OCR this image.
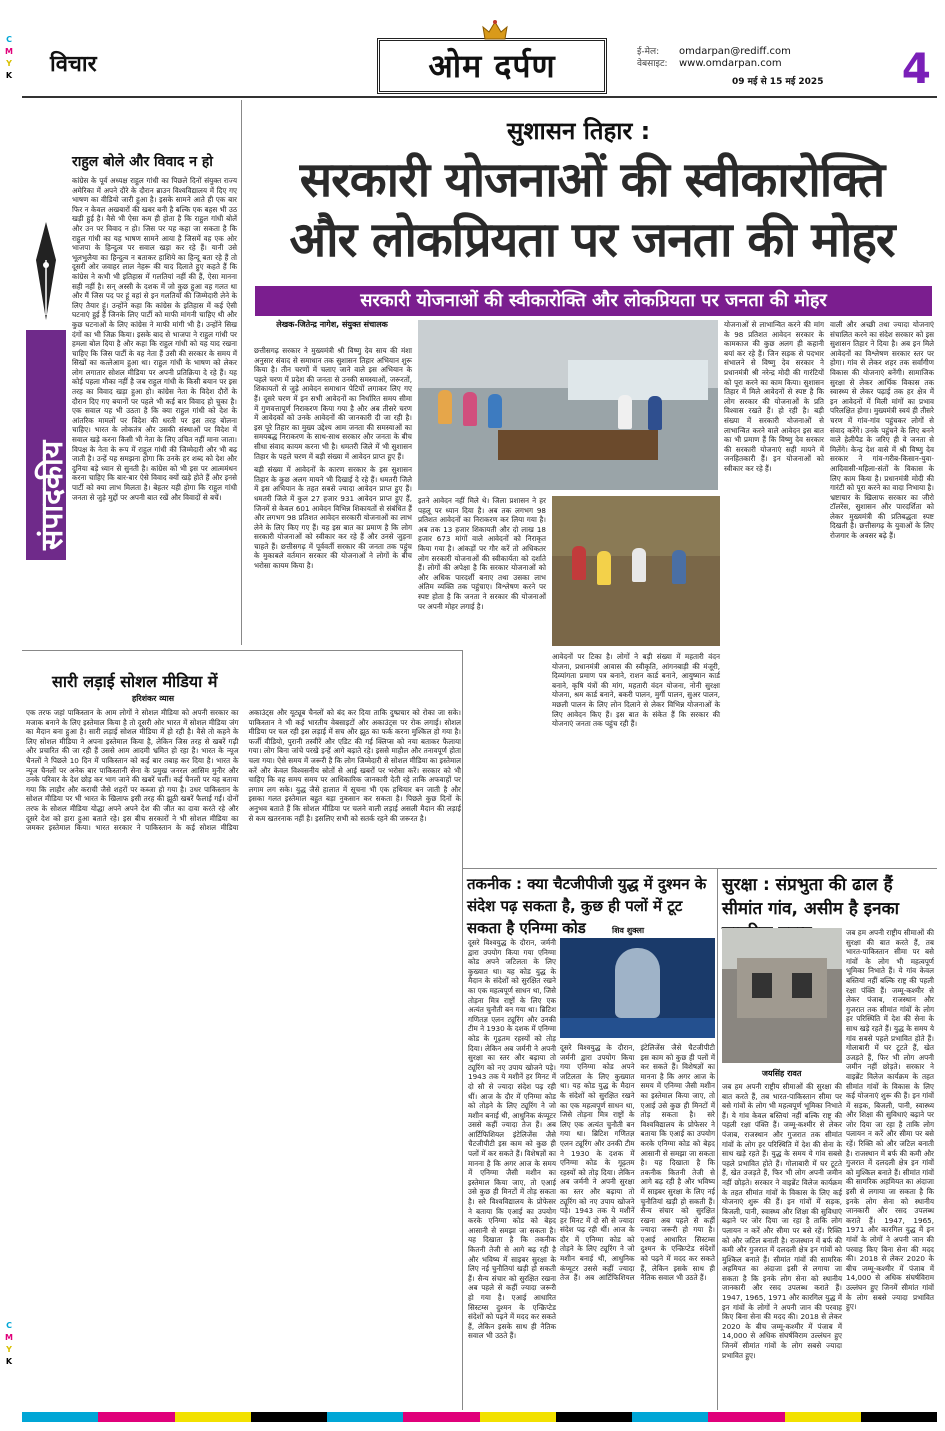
C
M
Y
K विचार	ओम दर्पण	ई-मेल: omdarpan@rediff.com
वेबसाइट: www.omdarpan.com
09 मई से 15 मई 2025 4
संपादकीय
राहुल बोले और विवाद न हो
कांग्रेस के पूर्व अध्यक्ष राहुल गांधी का पिछले दिनों संयुक्त राज्य अमेरिका में अपने दौरे के दौरान ब्राउन विश्वविद्यालय में दिए गए भाषण का वीडियो जारी हुआ है। इसके सामने आते ही एक बार फिर न केवल अखबारों की खबर बनी है बल्कि एक बहस भी उठ खड़ी हुई है। वैसे भी ऐसा कम ही होता है कि राहुल गांधी बोलें और उन पर विवाद न हो। जिस पर यह कहा जा सकता है कि राहुल गांधी का यह भाषण सामने आया है जिसमें वह एक ओर भाजपा के हिन्दुत्व पर सवाल खड़ा कर रहे हैं। यानी उसे भूलभुलैया का हिन्दुत्व न बताकर हाशिये का हिन्दू बता रहे हैं तो दूसरी ओर जवाहर लाल नेहरू की याद दिलाते हुए कहते हैं कि कांग्रेस ने कभी भी इतिहास में गलतियां नहीं की हैं, ऐसा मानना सही नहीं है। सन् अस्सी के दशक में जो कुछ हुआ वह गलत था और मैं जिस पद पर हूं वहां से इन गलतियों की जिम्मेदारी लेने के लिए तैयार हूं। उन्होंने कहा कि कांग्रेस के इतिहास में कई ऐसी घटनाएं हुई हैं जिनके लिए पार्टी को माफी मांगनी चाहिए थी और कुछ घटनाओं के लिए कांग्रेस ने माफी मांगी भी है। उन्होंने सिख दंगों का भी जिक्र किया। इसके बाद से भाजपा ने राहुल गांधी पर हमला बोल दिया है और कहा कि राहुल गांधी को यह याद रखना चाहिए कि जिस पार्टी के वह नेता हैं उसी की सरकार के समय में सिखों का कत्लेआम हुआ था। राहुल गांधी के भाषण को लेकर लोग लगातार सोशल मीडिया पर अपनी प्रतिक्रिया दे रहे हैं। यह कोई पहला मौका नहीं है जब राहुल गांधी के किसी बयान पर इस तरह का विवाद खड़ा हुआ हो। कांग्रेस नेता के विदेश दौरों के दौरान दिए गए बयानों पर पहले भी कई बार विवाद हो चुका है। एक सवाल यह भी उठता है कि क्या राहुल गांधी को देश के आंतरिक मामलों पर विदेश की धरती पर इस तरह बोलना चाहिए। भारत के लोकतंत्र और उसकी संस्थाओं पर विदेश में सवाल खड़े करना किसी भी नेता के लिए उचित नहीं माना जाता। विपक्ष के नेता के रूप में राहुल गांधी की जिम्मेदारी और भी बढ़ जाती है। उन्हें यह समझना होगा कि उनके हर शब्द को देश और दुनिया बड़े ध्यान से सुनती है। कांग्रेस को भी इस पर आत्ममंथन करना चाहिए कि बार-बार ऐसे विवाद क्यों खड़े होते हैं और इनसे पार्टी को क्या लाभ मिलता है। बेहतर यही होगा कि राहुल गांधी जनता से जुड़े मुद्दों पर अपनी बात रखें और विवादों से बचें।
सारी लड़ाई सोशल मीडिया में
हरिशंकर व्यास
एक तरफ जहां पाकिस्तान के आम लोगों ने सोशल मीडिया को अपनी सरकार का मजाक बनाने के लिए इस्तेमाल किया है तो दूसरी ओर भारत में सोशल मीडिया जंग का मैदान बना हुआ है। सारी लड़ाई सोशल मीडिया में हो रही है। वैसे तो कहने के लिए सोशल मीडिया ने अपना इस्तेमाल किया है, लेकिन जिस तरह से खबरें गढ़ी और प्रचारित की जा रही हैं उससे आम आदमी भ्रमित हो रहा है। भारत के न्यूज चैनलों ने पिछले 10 दिन में पाकिस्तान को कई बार तबाह कर दिया है। भारत के न्यूज चैनलों पर अनेक बार पाकिस्तानी सेना के प्रमुख जनरल आसिम मुनीर और उनके परिवार के देश छोड़ कर भाग जाने की खबरें चलीं। कई चैनलों पर यह बताया गया कि लाहौर और कराची जैसे शहरों पर कब्जा हो गया है। उधर पाकिस्तान के सोशल मीडिया पर भी भारत के खिलाफ इसी तरह की झूठी खबरें फैलाई गईं। दोनों तरफ के सोशल मीडिया योद्धा अपने अपने देश की जीत का दावा करते रहे और दूसरे देश को हारा हुआ बताते रहे। इस बीच सरकारों ने भी सोशल मीडिया का जमकर इस्तेमाल किया। भारत सरकार ने पाकिस्तान के कई सोशल मीडिया अकाउंट्स और यूट्यूब चैनलों को बंद कर दिया ताकि दुष्प्रचार को रोका जा सके। पाकिस्तान ने भी कई भारतीय वेबसाइटों और अकाउंट्स पर रोक लगाई। सोशल मीडिया पर चल रही इस लड़ाई में सच और झूठ का फर्क करना मुश्किल हो गया है। फर्जी वीडियो, पुरानी तस्वीरें और एडिट की गई क्लिप्स को नया बताकर फैलाया गया। लोग बिना जांचे परखे इन्हें आगे बढ़ाते रहे। इससे माहौल और तनावपूर्ण होता चला गया। ऐसे समय में जरूरी है कि लोग जिम्मेदारी से सोशल मीडिया का इस्तेमाल करें और केवल विश्वसनीय स्रोतों से आई खबरों पर भरोसा करें। सरकार को भी चाहिए कि वह समय समय पर आधिकारिक जानकारी देती रहे ताकि अफवाहों पर लगाम लग सके। युद्ध जैसे हालात में सूचना भी एक हथियार बन जाती है और इसका गलत इस्तेमाल बहुत बड़ा नुकसान कर सकता है। पिछले कुछ दिनों के अनुभव बताते हैं कि सोशल मीडिया पर चलने वाली लड़ाई असली मैदान की लड़ाई से कम खतरनाक नहीं है। इसलिए सभी को सतर्क रहने की जरूरत है।
सुशासन तिहार :
सरकारी योजनाओं की स्वीकारोक्ति
और लोकप्रियता पर जनता की मोहर
सरकारी योजनाओं की स्वीकारोक्ति और लोकप्रियता पर जनता की मोहर
लेखक-जितेन्द्र नागेश, संयुक्त संचालक
छत्तीसगढ़ सरकार ने मुख्यमंत्री श्री विष्णु देव साय की मंशा अनुसार संवाद से समाधान तक सुशासन तिहार अभियान शुरू किया है। तीन चरणों में चलाए जाने वाले इस अभियान के पहले चरण में प्रदेश की जनता से उनकी समस्याओं, जरूरतों, शिकायतों से जुड़े आवेदन समाधान पेटियों लगाकर लिए गए हैं। दूसरे चरण में इन सभी आवेदनों का निर्धारित समय सीमा में गुणवत्तापूर्ण निराकरण किया गया है और अब तीसरे चरण में आवेदकों को उनके आवेदनों की जानकारी दी जा रही है। इस पूरे तिहार का मुख्य उद्देश्य आम जनता की समस्याओं का समयबद्ध निराकरण के साथ-साथ सरकार और जनता के बीच सीधा संवाद कायम करना भी है। धमतरी जिले में भी सुशासन तिहार के पहले चरण में बड़ी संख्या में आवेदन प्राप्त हुए हैं।
बड़ी संख्या में आवेदनों के कारण सरकार के इस सुशासन तिहार के कुछ अलग मायने भी दिखाई दे रहे हैं। धमतरी जिले में इस अभियान के तहत सबसे ज्यादा आवेदन प्राप्त हुए हैं। धमतरी जिले में कुल 27 हजार 931 आवेदन प्राप्त हुए हैं, जिनमें से केवल 601 आवेदन विभिन्न शिकायतों से संबंधित हैं और लगभग 98 प्रतिशत आवेदन सरकारी योजनाओं का लाभ लेने के लिए किए गए हैं। यह इस बात का प्रमाण है कि लोग सरकारी योजनाओं को स्वीकार कर रहे हैं और उनसे जुड़ना चाहते हैं। छत्तीसगढ़ में पूर्ववर्ती सरकार की जनता तक पहुंच के मुकाबले वर्तमान सरकार की योजनाओं ने लोगों के बीच भरोसा कायम किया है।
इतने आवेदन नहीं मिले थे। जिला प्रशासन ने हर पहलू पर ध्यान दिया है। अब तक लगभग 98 प्रतिशत आवेदनों का निराकरण कर लिया गया है। अब तक 13 हजार शिकायती और दो लाख 18 हजार 673 मांगों वाले आवेदनों को निराकृत किया गया है। आंकड़ों पर गौर करें तो अधिकतर लोग सरकारी योजनाओं की स्वीकार्यता को दर्शाते हैं। लोगों की अपेक्षा है कि सरकार योजनाओं को और अधिक पारदर्शी बनाए तथा उसका लाभ अंतिम व्यक्ति तक पहुंचाए। विश्लेषण करने पर स्पष्ट होता है कि जनता ने सरकार की योजनाओं पर अपनी मोहर लगाई है।
आवेदनों पर टिका है। लोगों ने बड़ी संख्या में महतारी वंदन योजना, प्रधानमंत्री आवास की स्वीकृति, आंगनबाड़ी की मंजूरी, दिव्यांगता प्रमाण पत्र बनाने, राशन कार्ड बनाने, आयुष्मान कार्ड बनाने, कृषि यंत्रों की मांग, महतारी वंदन योजना, नोनी सुरक्षा योजना, श्रम कार्ड बनाने, बकरी पालन, मुर्गी पालन, सुअर पालन, मछली पालन के लिए लोन दिलाने से लेकर विभिन्न योजनाओं के लिए आवेदन किए हैं। इस बात के संकेत हैं कि सरकार की योजनाएं जनता तक पहुंच रही हैं।
योजनाओं से लाभान्वित करने की मांग के 98 प्रतिशत आवेदन सरकार के कामकाज की कुछ अलग ही कहानी बयां कर रहे हैं। जिन सड़क से पदभार संभालने से विष्णु देव सरकार ने प्रधानमंत्री श्री नरेन्द्र मोदी की गारंटियों को पूरा करने का काम किया। सुशासन तिहार में मिले आवेदनों से स्पष्ट है कि लोग सरकार की योजनाओं के प्रति विश्वास रखते हैं। हो रही है। बड़ी संख्या में सरकारी योजनाओं से लाभान्वित करने वाले आवेदन इस बात का भी प्रमाण हैं कि विष्णु देव सरकार की सरकारी योजनाएं सही मायने में जनहितकारी हैं। इन योजनाओं को स्वीकार कर रहे हैं।
वाली और अच्छी तथा ज्यादा योजनाएं संचालित करने का संदेश सरकार को इस सुशासन तिहार ने दिया है। अब इन मिले आवेदनों का विश्लेषण सरकार स्तर पर होगा। गांव से लेकर शहर तक सर्वांगीण विकास की योजनाएं बनेंगी। सामाजिक सुरक्षा से लेकर आर्थिक विकास तक स्वास्थ्य से लेकर पढ़ाई तक हर क्षेत्र में इन आवेदनों में मिली मांगों का प्रभाव परिलक्षित होगा। मुख्यमंत्री स्वयं ही तीसरे चरण में गांव-गांव पहुंचकर लोगों से संवाद करेंगे। उनके पहुंचने के लिए बनने वाले हेलीपैड के जरिए ही वे जनता से मिलेंगे। केन्द्र देश वासे में श्री विष्णु देव सरकार ने गांव-गरीब-किसान-युवा-आदिवासी-महिला-संतों के विकास के लिए काम किया है। प्रधानमंत्री मोदी की गारंटी को पूरा करने का वादा निभाया है। भ्रष्टाचार के खिलाफ सरकार का जीरो टॉलरेंस, सुशासन और पारदर्शिता को लेकर मुख्यमंत्री की प्रतिबद्धता स्पष्ट दिखती है। छत्तीसगढ़ के युवाओं के लिए रोजगार के अवसर बढ़े हैं।
तकनीक : क्या चैटजीपीजी युद्ध में दुश्मन के संदेश पढ़ सकता है, कुछ ही पलों में टूट सकता है एनिग्मा कोड	शिव शुक्ला
दूसरे विश्वयुद्ध के दौरान, जर्मनी द्वारा उपयोग किया गया एनिग्मा कोड अपने जटिलता के लिए कुख्यात था। यह कोड युद्ध के मैदान के संदेशों को सुरक्षित रखने का एक महत्वपूर्ण साधन था, जिसे तोड़ना मित्र राष्ट्रों के लिए एक अत्यंत चुनौती बन गया था। ब्रिटिश गणितज्ञ एलन ट्यूरिंग और उनकी टीम ने 1930 के दशक में एनिग्मा कोड के गूढ़तम रहस्यों को तोड़ दिया। लेकिन अब जर्मनी ने अपनी सुरक्षा का स्तर और बढ़ाया तो ट्यूरिंग को नए उपाय खोजने पड़े। 1943 तक ये मशीनें हर मिनट में दो सौ से ज्यादा संदेश पढ़ रही थीं। आज के दौर में एनिग्मा कोड को तोड़ने के लिए ट्यूरिंग ने जो मशीन बनाई थी, आधुनिक कंप्यूटर उससे कहीं ज्यादा तेज हैं। अब आर्टिफिशियल इंटेलिजेंस जैसे चैटजीपीटी इस काम को कुछ ही पलों में कर सकते हैं। विशेषज्ञों का मानना है कि अगर आज के समय में एनिग्मा जैसी मशीन का इस्तेमाल किया जाए, तो एआई उसे कुछ ही मिनटों में तोड़ सकता है। सरे विश्वविद्यालय के प्रोफेसर ने बताया कि एआई का उपयोग करके एनिग्मा कोड को बेहद आसानी से समझा जा सकता है। यह दिखाता है कि तकनीक कितनी तेजी से आगे बढ़ रही है और भविष्य में साइबर सुरक्षा के लिए नई चुनौतियां खड़ी हो सकती हैं। सैन्य संचार को सुरक्षित रखना अब पहले से कहीं ज्यादा जरूरी हो गया है। एआई आधारित सिस्टम्स दुश्मन के एन्क्रिप्टेड संदेशों को पढ़ने में मदद कर सकते हैं, लेकिन इसके साथ ही नैतिक सवाल भी उठते हैं।
दूसरे विश्वयुद्ध के दौरान, जर्मनी द्वारा उपयोग किया गया एनिग्मा कोड अपने जटिलता के लिए कुख्यात था। यह कोड युद्ध के मैदान के संदेशों को सुरक्षित रखने का एक महत्वपूर्ण साधन था, जिसे तोड़ना मित्र राष्ट्रों के लिए एक अत्यंत चुनौती बन गया था। ब्रिटिश गणितज्ञ एलन ट्यूरिंग और उनकी टीम ने 1930 के दशक में एनिग्मा कोड के गूढ़तम रहस्यों को तोड़ दिया। लेकिन अब जर्मनी ने अपनी सुरक्षा का स्तर और बढ़ाया तो ट्यूरिंग को नए उपाय खोजने पड़े। 1943 तक ये मशीनें हर मिनट में दो सौ से ज्यादा संदेश पढ़ रही थीं। आज के दौर में एनिग्मा कोड को तोड़ने के लिए ट्यूरिंग ने जो मशीन बनाई थी, आधुनिक कंप्यूटर उससे कहीं ज्यादा तेज हैं। अब आर्टिफिशियल इंटेलिजेंस जैसे चैटजीपीटी इस काम को कुछ ही पलों में कर सकते हैं। विशेषज्ञों का मानना है कि अगर आज के समय में एनिग्मा जैसी मशीन का इस्तेमाल किया जाए, तो एआई उसे कुछ ही मिनटों में तोड़ सकता है। सरे विश्वविद्यालय के प्रोफेसर ने बताया कि एआई का उपयोग करके एनिग्मा कोड को बेहद आसानी से समझा जा सकता है। यह दिखाता है कि तकनीक कितनी तेजी से आगे बढ़ रही है और भविष्य में साइबर सुरक्षा के लिए नई चुनौतियां खड़ी हो सकती हैं। सैन्य संचार को सुरक्षित रखना अब पहले से कहीं ज्यादा जरूरी हो गया है। एआई आधारित सिस्टम्स दुश्मन के एन्क्रिप्टेड संदेशों को पढ़ने में मदद कर सकते हैं, लेकिन इसके साथ ही नैतिक सवाल भी उठते हैं।
सुरक्षा : संप्रभुता की ढाल हैं सीमांत गांव, असीम है इनका
जयसिंह रावत
जब हम अपनी राष्ट्रीय सीमाओं की सुरक्षा की बात करते हैं, तब भारत-पाकिस्तान सीमा पर बसे गांवों के लोग भी महत्वपूर्ण भूमिका निभाते हैं। ये गांव केवल बस्तियां नहीं बल्कि राष्ट्र की पहली रक्षा पंक्ति हैं। जम्मू-कश्मीर से लेकर पंजाब, राजस्थान और गुजरात तक सीमांत गांवों के लोग हर परिस्थिति में देश की सेना के साथ खड़े रहते हैं। युद्ध के समय ये गांव सबसे पहले प्रभावित होते हैं। गोलाबारी में घर टूटते हैं, खेत उजड़ते हैं, फिर भी लोग अपनी जमीन नहीं छोड़ते। सरकार ने वाइब्रेंट विलेज कार्यक्रम के तहत सीमांत गांवों के विकास के लिए कई योजनाएं शुरू की हैं। इन गांवों में सड़क, बिजली, पानी, स्वास्थ्य और शिक्षा की सुविधाएं बढ़ाने पर जोर दिया जा रहा है ताकि लोग पलायन न करें और सीमा पर बसे रहें। रिक्ति को और जटिल बनाती है। राजस्थान में बर्फ की कमी और गुजरात में दलदली क्षेत्र इन गांवों को मुश्किल बनाते हैं। सीमांत गांवों की सामरिक अहमियत का अंदाजा इसी से लगाया जा सकता है कि इनके लोग सेना को स्थानीय जानकारी और रसद उपलब्ध कराते हैं। 1947, 1965, 1971 और कारगिल युद्ध में इन गांवों के लोगों ने अपनी जान की परवाह किए बिना सेना की मदद की। 2018 से लेकर 2020 के बीच जम्मू-कश्मीर में पंजाब में 14,000 से अधिक संघर्षविराम उल्लंघन हुए जिनमें सीमांत गांवों के लोग सबसे ज्यादा प्रभावित हुए।
जब हम अपनी राष्ट्रीय सीमाओं की सुरक्षा की बात करते हैं, तब भारत-पाकिस्तान सीमा पर बसे गांवों के लोग भी महत्वपूर्ण भूमिका निभाते हैं। ये गांव केवल बस्तियां नहीं बल्कि राष्ट्र की पहली रक्षा पंक्ति हैं। जम्मू-कश्मीर से लेकर पंजाब, राजस्थान और गुजरात तक सीमांत गांवों के लोग हर परिस्थिति में देश की सेना के साथ खड़े रहते हैं। युद्ध के समय ये गांव सबसे पहले प्रभावित होते हैं। गोलाबारी में घर टूटते हैं, खेत उजड़ते हैं, फिर भी लोग अपनी जमीन नहीं छोड़ते। सरकार ने वाइब्रेंट विलेज कार्यक्रम के तहत सीमांत गांवों के विकास के लिए कई योजनाएं शुरू की हैं। इन गांवों में सड़क, बिजली, पानी, स्वास्थ्य और शिक्षा की सुविधाएं बढ़ाने पर जोर दिया जा रहा है ताकि लोग पलायन न करें और सीमा पर बसे रहें। रिक्ति को और जटिल बनाती है। राजस्थान में बर्फ की कमी और गुजरात में दलदली क्षेत्र इन गांवों को मुश्किल बनाते हैं। सीमांत गांवों की सामरिक अहमियत का अंदाजा इसी से लगाया जा सकता है कि इनके लोग सेना को स्थानीय जानकारी और रसद उपलब्ध कराते हैं। 1947, 1965, 1971 और कारगिल युद्ध में इन गांवों के लोगों ने अपनी जान की परवाह किए बिना सेना की मदद की। 2018 से लेकर 2020 के बीच जम्मू-कश्मीर में पंजाब में 14,000 से अधिक संघर्षविराम उल्लंघन हुए जिनमें सीमांत गांवों के लोग सबसे ज्यादा प्रभावित हुए।
C
M
Y
K
